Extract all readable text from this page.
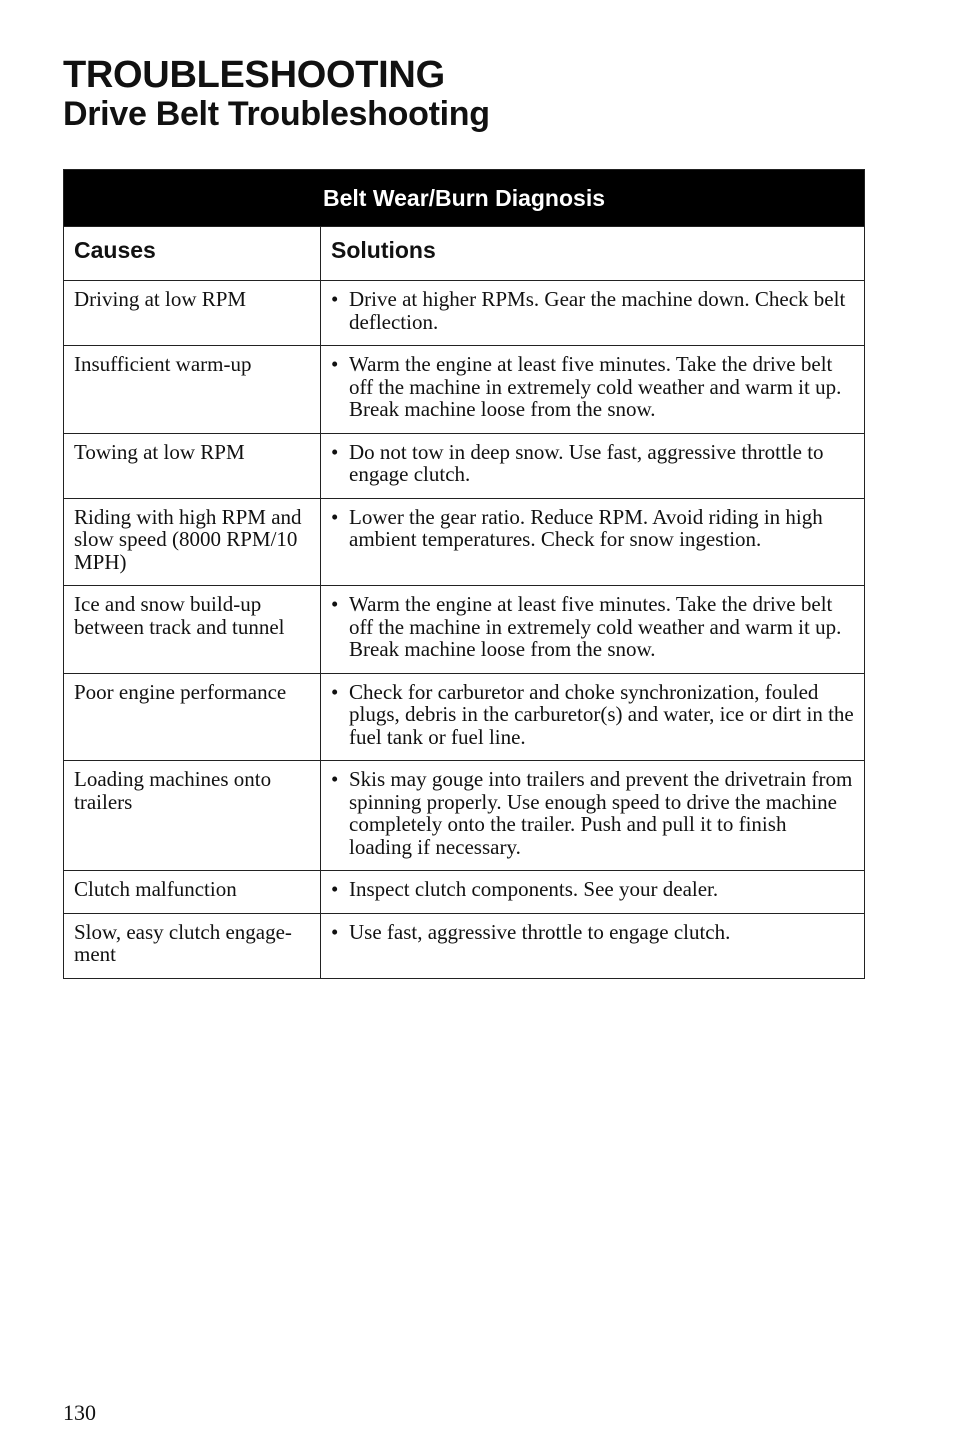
TROUBLESHOOTING
Drive Belt Troubleshooting
Belt Wear/Burn Diagnosis	
Causes	Solutions
Driving at low RPM	• Drive at higher RPMs. Gear the machine down. Check belt deflection.

Insufficient warm-up	• Warm the engine at least five minutes. Take the drive belt off the machine in extremely cold weather and warm it up. Break machine loose from the snow.

Towing at low RPM	• Do not tow in deep snow. Use fast, aggressive throttle to engage clutch.

Riding with high RPM and slow speed (8000 RPM/10 MPH)	• Lower the gear ratio. Reduce RPM. Avoid riding in high ambient temperatures. Check for snow ingestion.

Ice and snow build-up between track and tunnel	• Warm the engine at least five minutes. Take the drive belt off the machine in extremely cold weather and warm it up. Break machine loose from the snow.

Poor engine performance	• Check for carburetor and choke synchronization, fouled plugs, debris in the carburetor(s) and water, ice or dirt in the fuel tank or fuel line.

Loading machines onto trailers	• Skis may gouge into trailers and prevent the drivetrain from spinning properly. Use enough speed to drive the machine completely onto the trailer. Push and pull it to finish loading if necessary.

Clutch malfunction	• Inspect clutch components. See your dealer.

Slow, easy clutch engage-ment	• Use fast, aggressive throttle to engage clutch.
130
